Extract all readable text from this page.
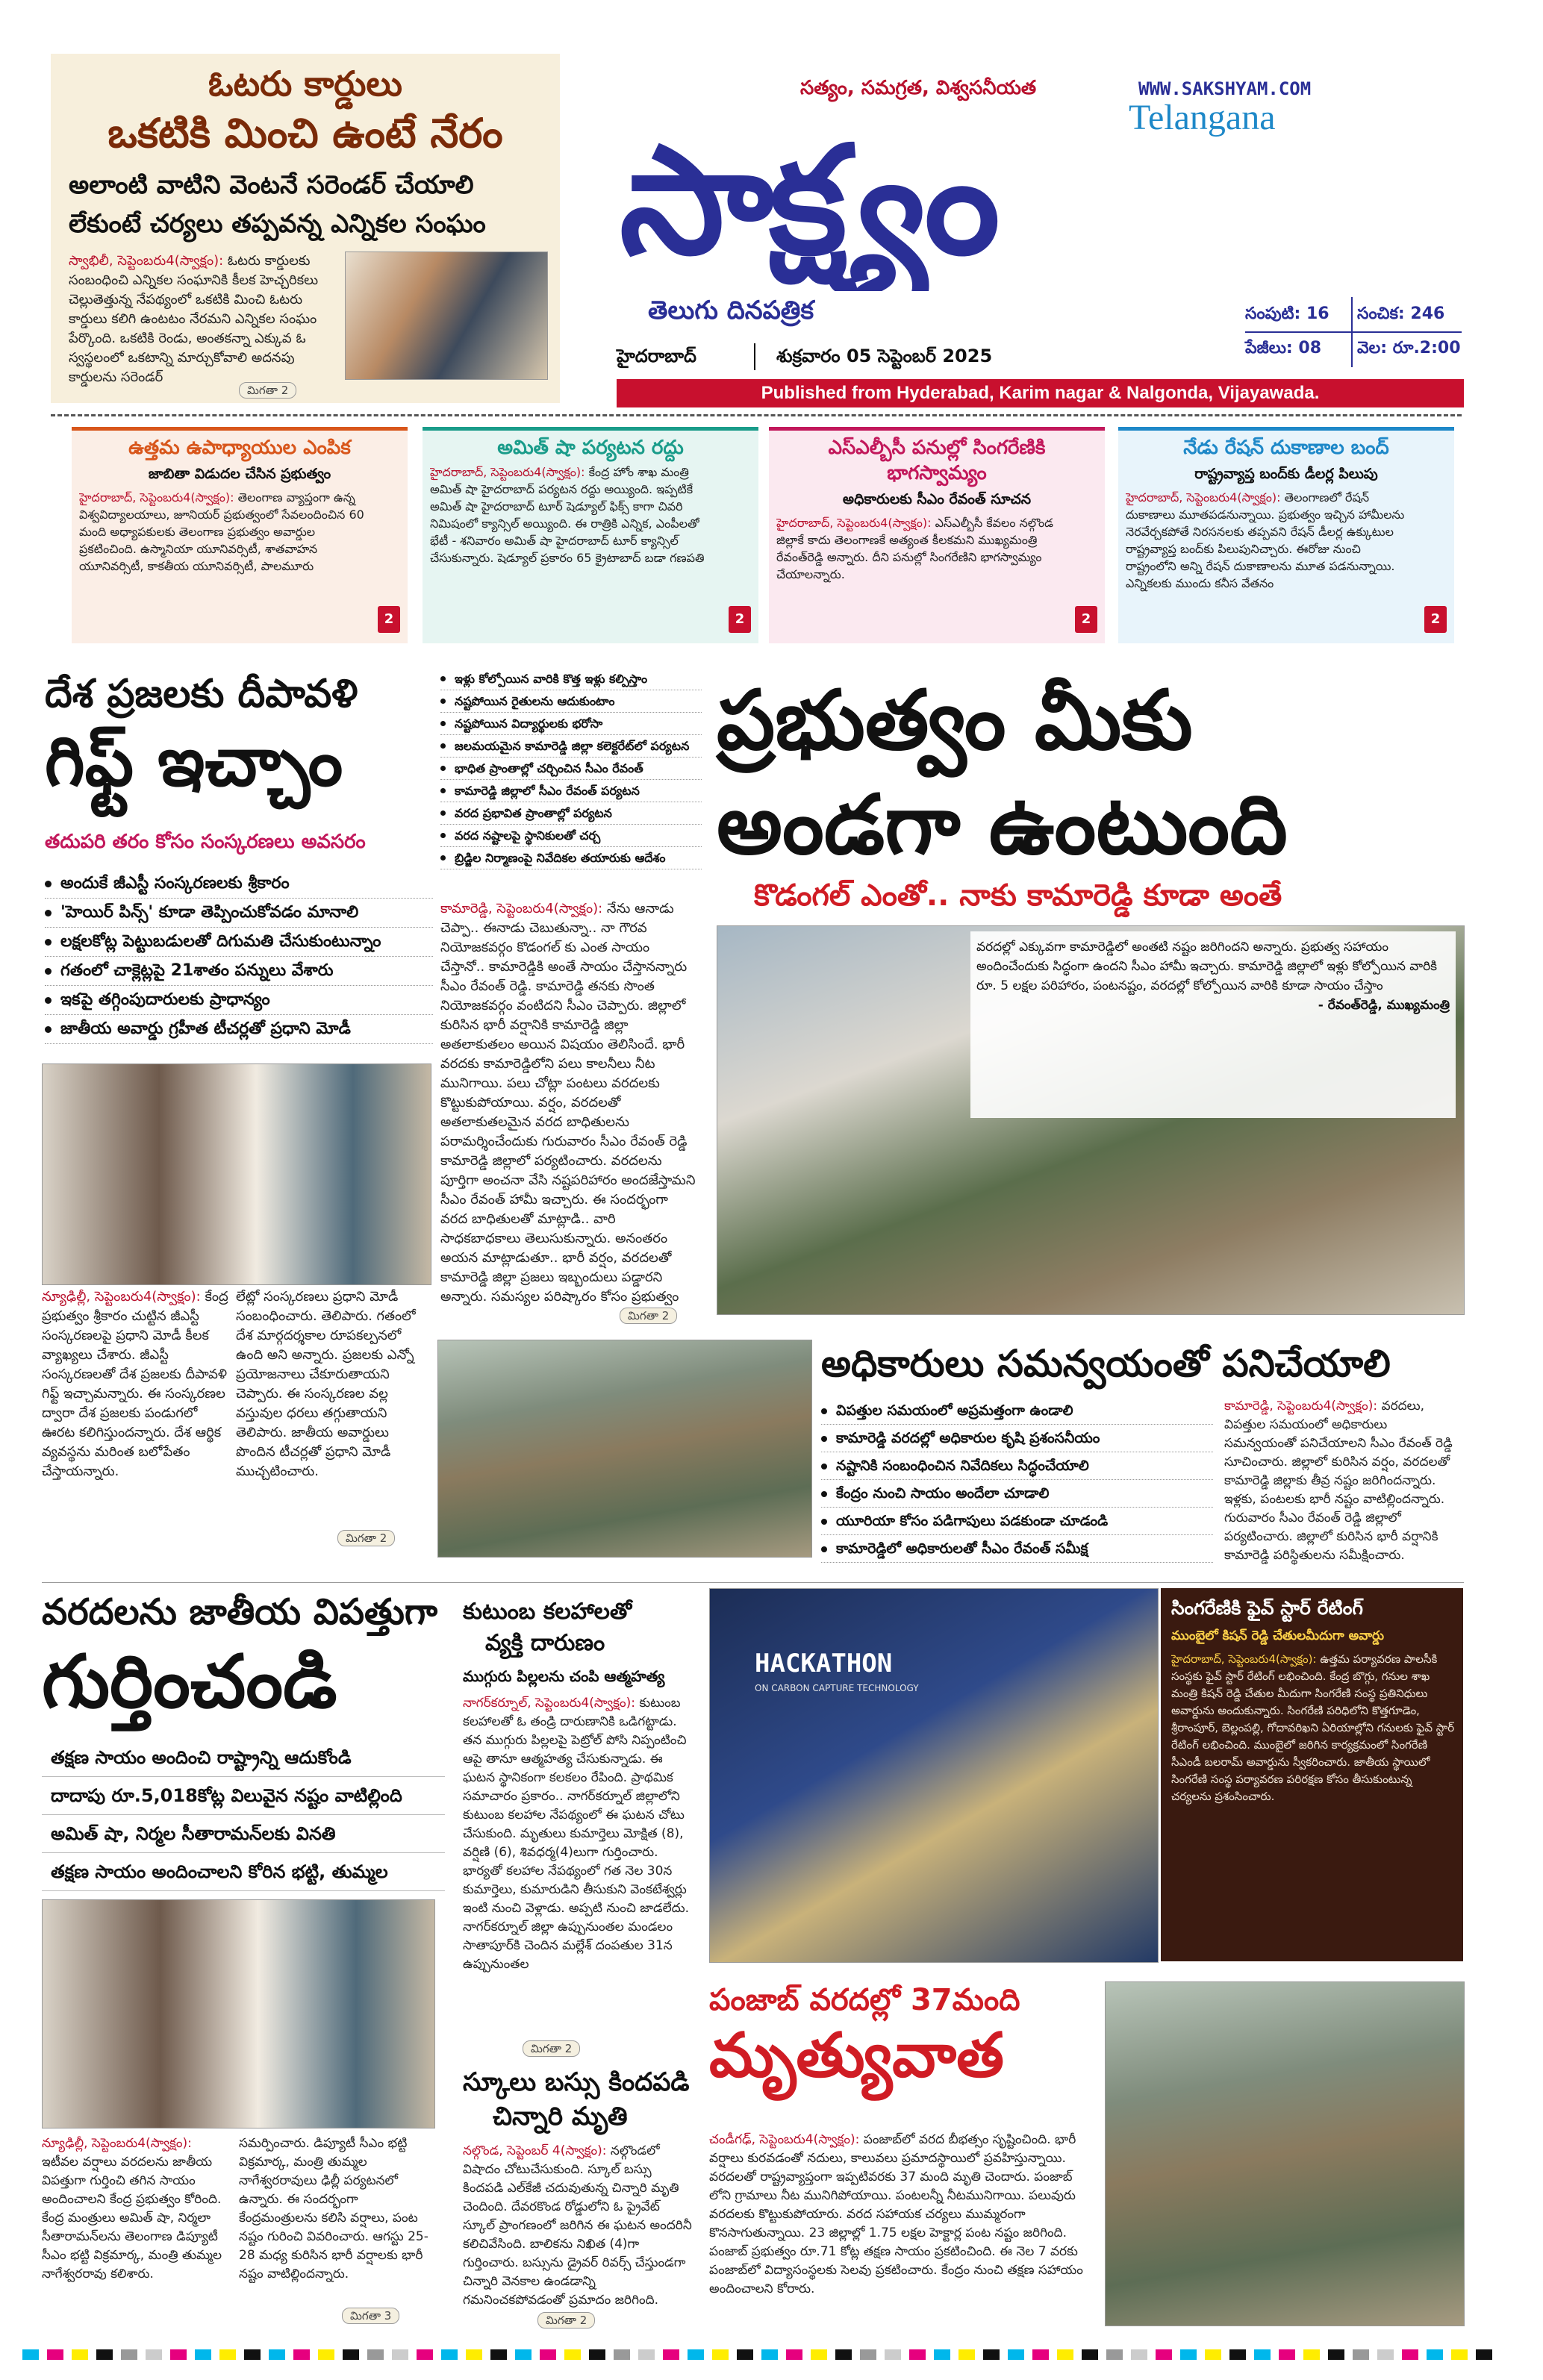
ఓటరు కార్డులు
ఒకటికి మించి ఉంటే నేరం
అలాంటి వాటిని వెంటనే సరెండర్ చేయాలి లేకుంటే చర్యలు తప్పవన్న ఎన్నికల సంఘం
స్వాభిలీ, సెప్టెంబరు4(స్వాక్షం): ఓటరు కార్డులకు సంబంధించి ఎన్నికల సంఘానికి కీలక హెచ్చరికలు చెల్లుతెత్తున్న నేపథ్యంలో ఒకటికి మించి ఓటరు కార్డులు కలిగి ఉంటటం నేరమని ఎన్నికల సంఘం పేర్కొంది. ఒకటికి రెండు, అంతకన్నా ఎక్కువ ఓ స్వస్థలంలో ఒకటాన్ని మార్చుకోవాలి అదనపు కార్డులను సరెండర్
మిగతా 2
సత్యం, సమగ్రత, విశ్వసనీయత	WWW.SAKSHYAM.COM
Telangana
సాక్ష్యం
తెలుగు దినపత్రిక	సంపుటి: 16	సంచిక: 246
పేజీలు: 08	వెల: రూ.2:00
హైదరాబాద్	శుక్రవారం 05 సెప్టెంబర్ 2025
Published from Hyderabad, Karim nagar & Nalgonda, Vijayawada.
ఉత్తమ ఉపాధ్యాయుల ఎంపిక
జాబితా విడుదల చేసిన ప్రభుత్వం
హైదరాబాద్, సెప్టెంబరు4(స్వాక్షం): తెలంగాణ వ్యాప్తంగా ఉన్న విశ్వవిద్యాలయాలు, జూనియర్ ప్రభుత్వంలో సేవలందించిన 60 మంది అధ్యాపకులకు తెలంగాణ ప్రభుత్వం అవార్డుల ప్రకటించింది. ఉస్మానియా యూనివర్సిటీ, శాతవాహన యూనివర్సిటీ, కాకతీయ యూనివర్సిటీ, పాలమూరు
2
అమిత్ షా పర్యటన రద్దు
హైదరాబాద్, సెప్టెంబరు4(స్వాక్షం): కేంద్ర హోం శాఖ మంత్రి అమిత్ షా హైదరాబాద్ పర్యటన రద్దు అయ్యింది. ఇప్పటికే అమిత్ షా హైదరాబాద్ టూర్ షెడ్యూల్ ఫిక్స్ కాగా చివరి నిమిషంలో క్యాన్సిల్ అయ్యింది. ఈ రాత్రికి ఎన్నిక, ఎంపీలతో భేటీ - శనివారం అమిత్ షా హైదరాబాద్ టూర్ క్యాన్సిల్ చేసుకున్నారు. షెడ్యూల్ ప్రకారం 65 క్రైటాబాద్ బడా గణపతి
2
ఎస్ఎల్బీసీ పనుల్లో సింగరేణికి భాగస్వామ్యం
అధికారులకు సీఎం రేవంత్ సూచన
హైదరాబాద్, సెప్టెంబరు4(స్వాక్షం): ఎస్ఎల్బీసీ కేవలం నల్గొండ జిల్లాకే కాదు తెలంగాణకే అత్యంత కీలకమని ముఖ్యమంత్రి రేవంత్‌రెడ్డి అన్నారు. దీని పనుల్లో సింగరేణిని భాగస్వామ్యం చేయాలన్నారు.
2
నేడు రేషన్ దుకాణాల బంద్
రాష్ట్రవ్యాప్త బంద్‌కు డీలర్ల పిలుపు
హైదరాబాద్, సెప్టెంబరు4(స్వాక్షం): తెలంగాణలో రేషన్ దుకాణాలు మూతపడనున్నాయి. ప్రభుత్వం ఇచ్చిన హామీలను నెరవేర్చకపోతే నిరసనలకు తప్పవని రేషన్ డీలర్ల ఉక్కుటుల రాష్ట్రవ్యాప్త బంద్‌కు పిలుపునిచ్చారు. ఈరోజు నుంచి రాష్ట్రంలోని అన్ని రేషన్ దుకాణాలను మూత పడనున్నాయి. ఎన్నికలకు ముందు కనీస వేతనం
2
ఇళ్లు కోల్పోయిన వారికి కొత్త ఇళ్లు కల్పిస్తాం
నష్టపోయిన రైతులను ఆదుకుంటాం
నష్టపోయిన విద్యార్థులకు భరోసా
జలమయమైన కామారెడ్డి జిల్లా కలెక్టరేట్‌లో పర్యటన
భాధిత ప్రాంతాల్లో చర్చించిన సీఎం రేవంత్
కామారెడ్డి జిల్లాలో సీఎం రేవంత్ పర్యటన
వరద ప్రభావిత ప్రాంతాల్లో పర్యటన
వరద నష్టాలపై స్థానికులతో చర్చ
బ్రిడ్జిల నిర్మాణంపై నివేదికల తయారుకు ఆదేశం
ప్రభుత్వం మీకు
అండగా ఉంటుంది
కొడంగల్ ఎంతో.. నాకు కామారెడ్డి కూడా అంతే
కామారెడ్డి, సెప్టెంబరు4(స్వాక్షం): నేను ఆనాడు చెప్పా.. ఈనాడు చెబుతున్నా.. నా గౌరవ నియోజకవర్గం కొడంగల్ కు ఎంత సాయం చేస్తానో.. కామారెడ్డికి అంతే సాయం చేస్తానన్నారు సీఎం రేవంత్ రెడ్డి. కామారెడ్డి తనకు సొంత నియోజకవర్గం వంటిదని సీఎం చెప్పారు. జిల్లాలో కురిసిన భారీ వర్షానికి కామారెడ్డి జిల్లా అతలాకుతలం అయిన విషయం తెలిసిందే. భారీ వరదకు కామారెడ్డిలోని పలు కాలనీలు నీట మునిగాయి. పలు చోట్లా పంటలు వరదలకు కొట్టుకుపోయాయి. వర్షం, వరదలతో అతలాకుతలమైన వరద బాధితులను పరామర్శించేందుకు గురువారం సీఎం రేవంత్ రెడ్డి కామారెడ్డి జిల్లాలో పర్యటించారు. వరదలను పూర్తిగా అంచనా వేసి నష్టపరిహారం అందజేస్తామని సీఎం రేవంత్ హామీ ఇచ్చారు. ఈ సందర్భంగా వరద బాధితులతో మాట్లాడి.. వారి సాధకబాధకాలు తెలుసుకున్నారు. అనంతరం అయన మాట్లాడుతూ.. భారీ వర్షం, వరదలతో కామారెడ్డి జిల్లా ప్రజలు ఇబ్బందులు పడ్డారని అన్నారు. సమస్యల పరిష్కారం కోసం ప్రభుత్వం
మిగతా 2
వరదల్లో ఎక్కువగా కామారెడ్డిలో అంతటి నష్టం జరిగిందని అన్నారు. ప్రభుత్వ సహాయం అందించేందుకు సిద్ధంగా ఉందని సీఎం హామీ ఇచ్చారు. కామారెడ్డి జిల్లాలో ఇళ్లు కోల్పోయిన వారికి రూ. 5 లక్షల పరిహారం, పంటనష్టం, వరదల్లో కోల్పోయిన వారికి కూడా సాయం చేస్తాం
- రేవంత్‌రెడ్డి, ముఖ్యమంత్రి
దేశ ప్రజలకు దీపావళి
గిఫ్ట్ ఇచ్చాం
తదుపరి తరం కోసం సంస్కరణలు అవసరం
అందుకే జీఎస్టీ సంస్కరణలకు శ్రీకారం
'హెయిర్ పిన్స్' కూడా తెప్పించుకోవడం మానాలి
లక్షలకోట్ల పెట్టుబడులతో దిగుమతి చేసుకుంటున్నాం
గతంలో చాక్లెట్లపై 21శాతం పన్నులు వేశారు
ఇకపై తగ్గింపుదారులకు ప్రాధాన్యం
జాతీయ అవార్డు గ్రహీత టీచర్లతో ప్రధాని మోడీ
న్యూఢిల్లీ, సెప్టెంబరు4(స్వాక్షం): కేంద్ర ప్రభుత్వం శ్రీకారం చుట్టిన జీఎస్టీ సంస్కరణలపై ప్రధాని మోడీ కీలక వ్యాఖ్యలు చేశారు. జీఎస్టీ సంస్కరణలతో దేశ ప్రజలకు దీపావళి గిఫ్ట్ ఇచ్చామన్నారు. ఈ సంస్కరణల ద్వారా దేశ ప్రజలకు పండుగలో ఊరట కలిగిస్తుందన్నారు. దేశ ఆర్థిక వ్యవస్థను మరింత బలోపేతం చేస్తాయన్నారు.
లేట్లో సంస్కరణలు ప్రధాని మోడీ సంబంధించారు. తెలిపారు. గతంలో దేశ మార్గదర్శకాల రూపకల్పనలో ఉంది అని అన్నారు. ప్రజలకు ఎన్నో ప్రయోజనాలు చేకూరుతాయని చెప్పారు. ఈ సంస్కరణల వల్ల వస్తువుల ధరలు తగ్గుతాయని తెలిపారు. జాతీయ అవార్డులు పొందిన టీచర్లతో ప్రధాని మోడీ ముచ్చటించారు.
మిగతా 2
అధికారులు సమన్వయంతో పనిచేయాలి
విపత్తుల సమయంలో అప్రమత్తంగా ఉండాలి
కామారెడ్డి వరదల్లో అధికారుల కృషి ప్రశంసనీయం
నష్టానికి సంబంధించిన నివేదికలు సిద్ధంచేయాలి
కేంద్రం నుంచి సాయం అందేలా చూడాలి
యూరియా కోసం పడిగాపులు పడకుండా చూడండి
కామారెడ్డిలో అధికారులతో సీఎం రేవంత్ సమీక్ష
కామారెడ్డి, సెప్టెంబరు4(స్వాక్షం): వరదలు, విపత్తుల సమయంలో అధికారులు సమన్వయంతో పనిచేయాలని సీఎం రేవంత్ రెడ్డి సూచించారు. జిల్లాలో కురిసిన వర్షం, వరదలతో కామారెడ్డి జిల్లాకు తీవ్ర నష్టం జరిగిందన్నారు. ఇళ్లకు, పంటలకు భారీ నష్టం వాటిల్లిందన్నారు. గురువారం సీఎం రేవంత్ రెడ్డి జిల్లాలో పర్యటించారు. జిల్లాలో కురిసిన భారీ వర్షానికి కామారెడ్డి పరిస్థితులను సమీక్షించారు.
వరదలను జాతీయ విపత్తుగా
గుర్తించండి
తక్షణ సాయం అందించి రాష్ట్రాన్ని ఆదుకోండి
దాదాపు రూ.5,018కోట్ల విలువైన నష్టం వాటిల్లింది
అమిత్ షా, నిర్మల సీతారామన్‌లకు వినతి
తక్షణ సాయం అందించాలని కోరిన భట్టి, తుమ్మల
న్యూఢిల్లీ, సెప్టెంబరు4(స్వాక్షం): ఇటీవల వర్షాలు వరదలను జాతీయ విపత్తుగా గుర్తించి తగిన సాయం అందించాలని కేంద్ర ప్రభుత్వం కోరింది. కేంద్ర మంత్రులు అమిత్ షా, నిర్మలా సీతారామన్‌లను తెలంగాణ డిప్యూటీ సీఎం భట్టి విక్రమార్క, మంత్రి తుమ్మల నాగేశ్వరరావు కలిశారు.
సమర్పించారు. డిప్యూటీ సీఎం భట్టి విక్రమార్క, మంత్రి తుమ్మల నాగేశ్వరరావులు ఢిల్లీ పర్యటనలో ఉన్నారు. ఈ సందర్భంగా కేంద్రమంత్రులను కలిసి వర్షాలు, పంట నష్టం గురించి వివరించారు. ఆగస్టు 25-28 మధ్య కురిసిన భారీ వర్షాలకు భారీ నష్టం వాటిల్లిందన్నారు.
మిగతా 3
కుటుంబ కలహాలతో
వ్యక్తి దారుణం
ముగ్గురు పిల్లలను చంపి ఆత్మహత్య
నాగర్‌కర్నూల్, సెప్టెంబరు4(స్వాక్షం): కుటుంబ కలహాలతో ఓ తండ్రి దారుణానికి ఒడిగట్టాడు. తన ముగ్గురు పిల్లలపై పెట్రోల్ పోసి నిప్పంటించి ఆపై తానూ ఆత్మహత్య చేసుకున్నాడు. ఈ ఘటన స్థానికంగా కలకలం రేపింది. ప్రాథమిక సమాచారం ప్రకారం.. నాగర్‌కర్నూల్ జిల్లాలోని కుటుంబ కలహాల నేపథ్యంలో ఈ ఘటన చోటు చేసుకుంది. మృతులు కుమార్తెలు మోక్షిత (8), వర్షిణి (6), శివధర్మ(4)లుగా గుర్తించారు. భార్యతో కలహాల నేపథ్యంలో గత నెల 30న కుమార్తెలు, కుమారుడిని తీసుకుని వెంకటేశ్వర్లు ఇంటి నుంచి వెళ్లాడు. అప్పటి నుంచి జాడలేదు. నాగర్‌కర్నూల్ జిల్లా ఉప్పునుంతల మండలం సాతాపూర్‌కి చెందిన మల్లేశ్ దంపతుల 31న ఉప్పునుంతల
మిగతా 2
స్కూలు బస్సు కిందపడి
చిన్నారి మృతి
నల్గొండ, సెప్టెంబర్ 4(స్వాక్షం): నల్గొండలో విషాదం చోటుచేసుకుంది. స్కూల్ బస్సు కిందపడి ఎల్‌కేజీ చదువుతున్న చిన్నారి మృతి చెందింది. దేవరకొండ రోడ్డులోని ఓ ప్రైవేట్ స్కూల్ ప్రాంగణంలో జరిగిన ఈ ఘటన అందరినీ కలిచివేసింది. బాలికను నిఖిత (4)గా గుర్తించారు. బస్సును డ్రైవర్ రివర్స్ చేస్తుండగా చిన్నారి వెనకాల ఉండడాన్ని గమనించకపోవడంతో ప్రమాదం జరిగింది.
మిగతా 2
HACKATHON
ON CARBON CAPTURE TECHNOLOGY
సింగరేణికి ఫైవ్ స్టార్ రేటింగ్
ముంబైలో కిషన్ రెడ్డి చేతులమీదుగా అవార్డు
హైదరాబాద్, సెప్టెంబరు4(స్వాక్షం): ఉత్తమ పర్యావరణ పాలసీకి సంస్థకు ఫైవ్ స్టార్ రేటింగ్ లభించింది. కేంద్ర బొగ్గు, గనుల శాఖ మంత్రి కిషన్ రెడ్డి చేతుల మీదుగా సింగరేణి సంస్థ ప్రతినిధులు అవార్డును అందుకున్నారు. సింగరేణి పరిధిలోని కొత్తగూడెం, శ్రీరాంపూర్, బెల్లంపల్లి, గోదావరిఖని ఏరియాల్లోని గనులకు ఫైవ్ స్టార్ రేటింగ్ లభించింది. ముంబైలో జరిగిన కార్యక్రమంలో సింగరేణి సీఎండీ బలరామ్ అవార్డును స్వీకరించారు. జాతీయ స్థాయిలో సింగరేణి సంస్థ పర్యావరణ పరిరక్షణ కోసం తీసుకుంటున్న చర్యలను ప్రశంసించారు.
పంజాబ్ వరదల్లో 37మంది
మృత్యువాత
చండీగఢ్, సెప్టెంబరు4(స్వాక్షం): పంజాబ్‌లో వరద బీభత్సం సృష్టించింది. భారీ వర్షాలు కురవడంతో నదులు, కాలువలు ప్రమాదస్థాయిలో ప్రవహిస్తున్నాయి. వరదలతో రాష్ట్రవ్యాప్తంగా ఇప్పటివరకు 37 మంది మృతి చెందారు. పంజాబ్ లోని గ్రామాలు నీట మునిగిపోయాయి. పంటలన్నీ నీటమునిగాయి. పలువురు వరదలకు కొట్టుకుపోయారు. వరద సహాయక చర్యలు ముమ్మరంగా కొనసాగుతున్నాయి. 23 జిల్లాల్లో 1.75 లక్షల హెక్టార్ల పంట నష్టం జరిగింది. పంజాబ్ ప్రభుత్వం రూ.71 కోట్ల తక్షణ సాయం ప్రకటించింది. ఈ నెల 7 వరకు పంజాబ్‌లో విద్యాసంస్థలకు సెలవు ప్రకటించారు. కేంద్రం నుంచి తక్షణ సహాయం అందించాలని కోరారు.
